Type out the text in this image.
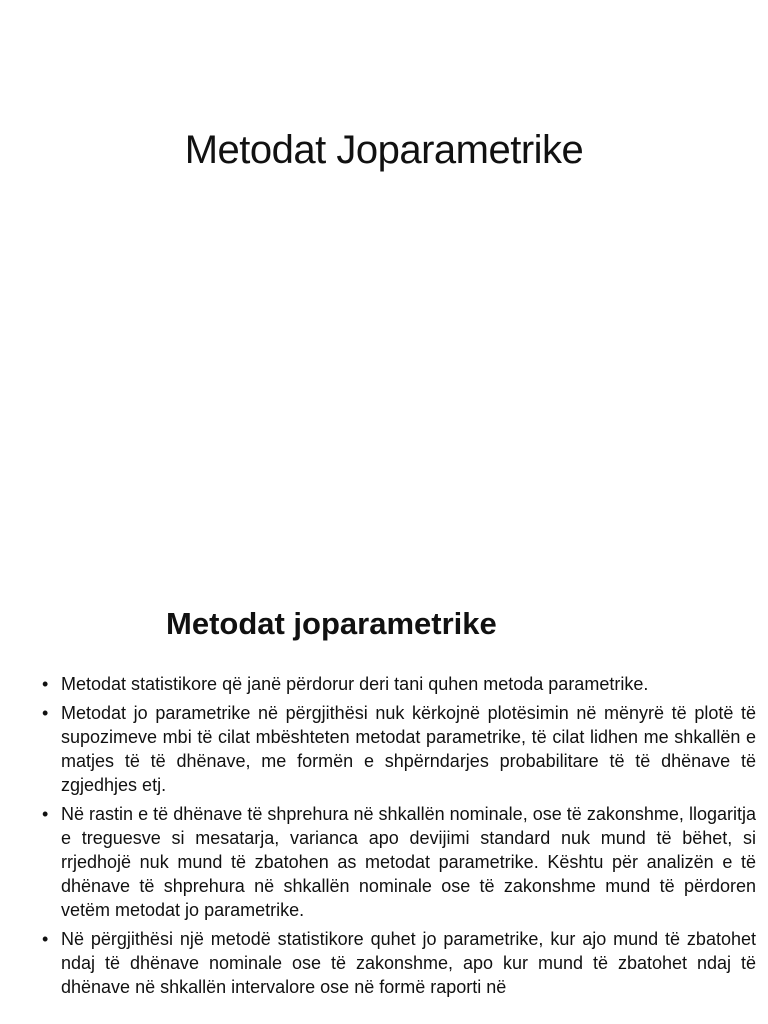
Metodat Joparametrike
Metodat joparametrike
• Metodat statistikore që janë përdorur deri tani quhen metoda parametrike.
• Metodat jo parametrike në përgjithësi nuk kërkojnë plotësimin në mënyrë të plotë të supozimeve mbi të cilat mbështeten metodat parametrike, të cilat lidhen me shkallën e matjes të të dhënave, me formën e shpërndarjes probabilitare të të dhënave të zgjedhjes etj.
• Në rastin e të dhënave të shprehura në shkallën nominale, ose të zakonshme, llogaritja e treguesve si mesatarja, varianca apo devijimi standard nuk mund të bëhet, si rrjedhojë nuk mund të zbatohen as metodat parametrike. Kështu për analizën e të dhënave të shprehura në shkallën nominale ose të zakonshme mund të përdoren vetëm metodat jo parametrike.
• Në përgjithësi një metodë statistikore quhet jo parametrike, kur ajo mund të zbatohet ndaj të dhënave nominale ose të zakonshme, apo kur mund të zbatohet ndaj të dhënave në shkallën intervalore ose në formë raporti në
